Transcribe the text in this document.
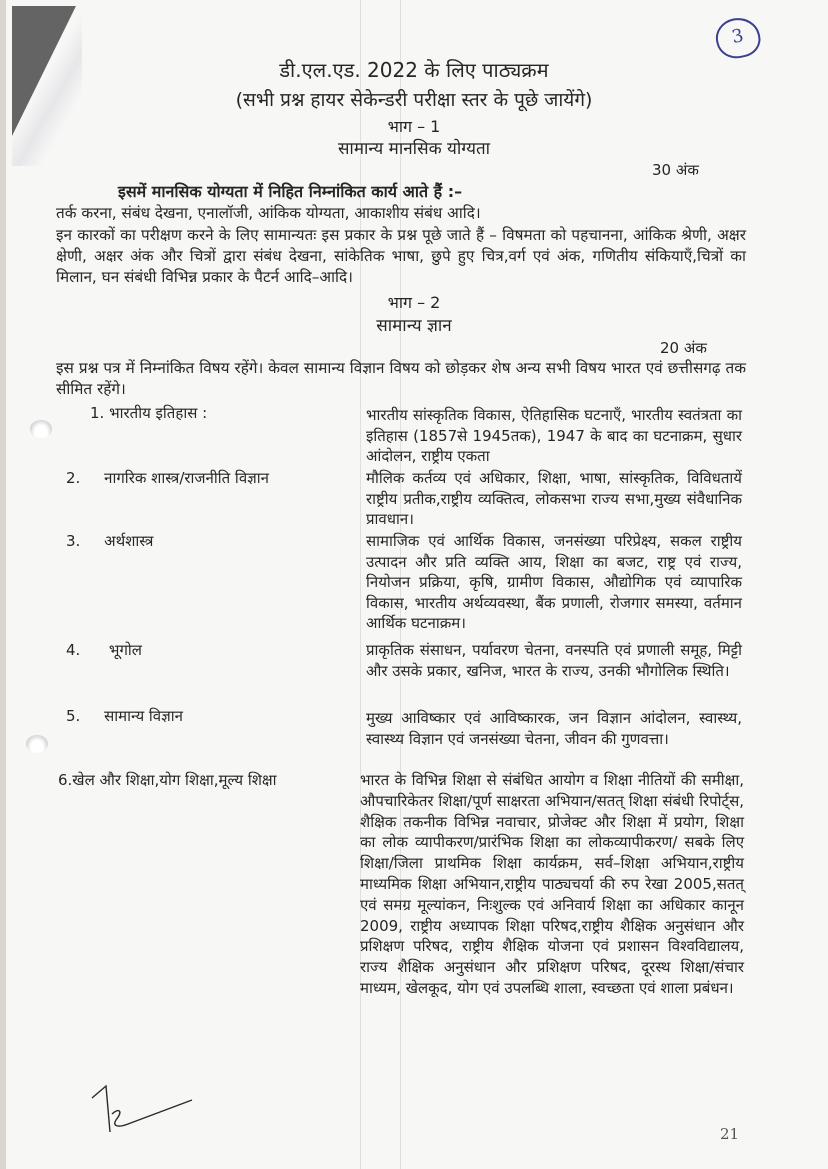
3
डी.एल.एड. 2022 के लिए पाठ्यक्रम
(सभी प्रश्न हायर सेकेन्डरी परीक्षा स्तर के पूछे जायेंगे)
भाग – 1
सामान्य मानसिक योग्यता
30 अंक
इसमें मानसिक योग्यता में निहित निम्नांकित कार्य आते हैं :–
तर्क करना, संबंध देखना, एनालॉजी, आंकिक योग्यता, आकाशीय संबंध आदि।
इन कारकों का परीक्षण करने के लिए सामान्यतः इस प्रकार के प्रश्न पूछे जाते हैं – विषमता को पहचानना, आंकिक श्रेणी, अक्षर क्षेणी, अक्षर अंक और चित्रों द्वारा संबंध देखना, सांकेतिक भाषा, छुपे हुए चित्र,वर्ग एवं अंक, गणितीय संकियाएँ,चित्रों का मिलान, घन संबंधी विभिन्न प्रकार के पैटर्न आदि–आदि।
भाग – 2
सामान्य ज्ञान
20 अंक
इस प्रश्न पत्र में निम्नांकित विषय रहेंगे। केवल सामान्य विज्ञान विषय को छोड़कर शेष अन्य सभी विषय भारत एवं छत्तीसगढ़ तक सीमित रहेंगे।
1. भारतीय इतिहास :	भारतीय सांस्कृतिक विकास, ऐतिहासिक घटनाएँ, भारतीय स्वतंत्रता का इतिहास (1857से 1945तक), 1947 के बाद का घटनाक्रम, सुधार आंदोलन, राष्ट्रीय एकता
2.     नागरिक शास्त्र/राजनीति विज्ञान	मौलिक कर्तव्य एवं अधिकार, शिक्षा, भाषा, सांस्कृतिक, विविधतायें राष्ट्रीय प्रतीक,राष्ट्रीय व्यक्तित्व, लोकसभा राज्य सभा,मुख्य संवैधानिक प्रावधान।
3.     अर्थशास्त्र	सामाजिक एवं आर्थिक विकास, जनसंख्या परिप्रेक्ष्य, सकल राष्ट्रीय उत्पादन और प्रति व्यक्ति आय, शिक्षा का बजट, राष्ट्र एवं राज्य, नियोजन प्रक्रिया, कृषि, ग्रामीण विकास, औद्योगिक एवं व्यापारिक विकास, भारतीय अर्थव्यवस्था, बैंक प्रणाली, रोजगार समस्या, वर्तमान आर्थिक घटनाक्रम।
4.      भूगोल	प्राकृतिक संसाधन, पर्यावरण चेतना, वनस्पति एवं प्रणाली समूह, मिट्टी और उसके प्रकार, खनिज, भारत के राज्य, उनकी भौगोलिक स्थिति।
5.     सामान्य विज्ञान	मुख्य आविष्कार एवं आविष्कारक, जन विज्ञान आंदोलन, स्वास्थ्य, स्वास्थ्य विज्ञान एवं जनसंख्या चेतना, जीवन की गुणवत्ता।
6.खेल और शिक्षा,योग शिक्षा,मूल्य शिक्षा	भारत के विभिन्न शिक्षा से संबंधित आयोग व शिक्षा नीतियों की समीक्षा, औपचारिकेतर शिक्षा/पूर्ण साक्षरता अभियान/सतत् शिक्षा संबंधी रिपोर्ट्स, शैक्षिक तकनीक विभिन्न नवाचार, प्रोजेक्ट और शिक्षा में प्रयोग, शिक्षा का लोक व्यापीकरण/प्रारंभिक शिक्षा का लोकव्यापीकरण/ सबके लिए शिक्षा/जिला प्राथमिक शिक्षा कार्यक्रम, सर्व–शिक्षा अभियान,राष्ट्रीय माध्यमिक शिक्षा अभियान,राष्ट्रीय पाठ्यचर्या की रुप रेखा 2005,सतत् एवं समग्र मूल्यांकन, निःशुल्क एवं अनिवार्य शिक्षा का अधिकार कानून 2009, राष्ट्रीय अध्यापक शिक्षा परिषद,राष्ट्रीय शैक्षिक अनुसंधान और प्रशिक्षण परिषद, राष्ट्रीय शैक्षिक योजना एवं प्रशासन विश्वविद्यालय, राज्य शैक्षिक अनुसंधान और प्रशिक्षण परिषद, दूरस्थ शिक्षा/संचार माध्यम, खेलकूद, योग एवं उपलब्धि शाला, स्वच्छता एवं शाला प्रबंधन।
21
